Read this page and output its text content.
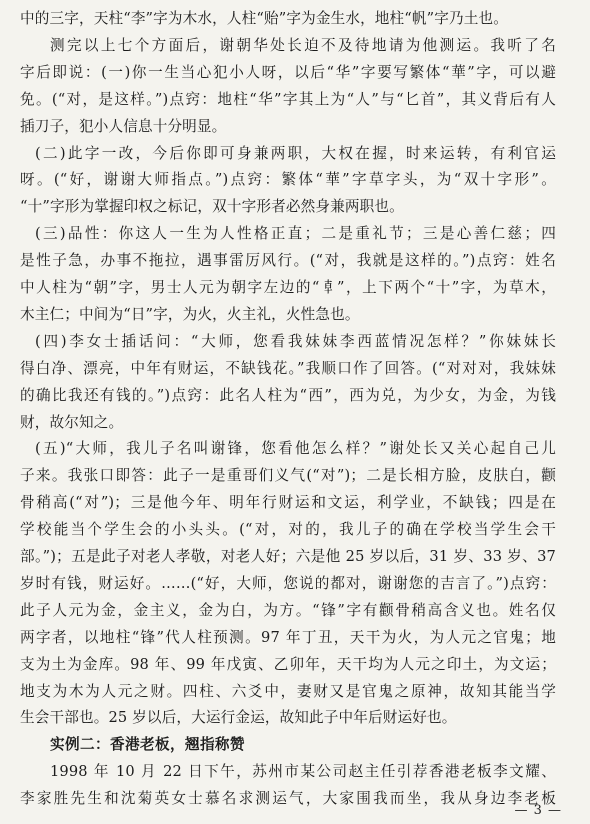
中的三字，天柱“李”字为木水，人柱“贻”字为金生水，地柱“帆”字乃土也。
测完以上七个方面后，谢朝华处长迫不及待地请为他测运。我听了名
字后即说：(一)你一生当心犯小人呀，以后“华”字要写繁体“華”字，可以避
免。(“对，是这样。”)点窍：地柱“华”字其上为“人”与“匕首”，其义背后有人
插刀子，犯小人信息十分明显。
(二)此字一改，今后你即可身兼两职，大权在握，时来运转，有利官运
呀。(“好，谢谢大师指点。”)点窍：繁体“華”字草字头，为“双十字形”。
“十”字形为掌握印权之标记，双十字形者必然身兼两职也。
(三)品性：你这人一生为人性格正直；二是重礼节；三是心善仁慈；四
是性子急，办事不拖拉，遇事雷厉风行。(“对，我就是这样的。”)点窍：姓名
中人柱为“朝”字，男士人元为朝字左边的“𠦝”，上下两个“十”字，为草木，
木主仁；中间为“日”字，为火，火主礼，火性急也。
(四)李女士插话问：“大师，您看我妹妹李西蓝情况怎样？”你妹妹长
得白净、漂亮，中年有财运，不缺钱花。”我顺口作了回答。(“对对对，我妹妹
的确比我还有钱的。”)点窍：此名人柱为“西”，西为兑，为少女，为金，为钱
财，故尔知之。
(五)“大师，我儿子名叫谢锋，您看他怎么样？”谢处长又关心起自己儿
子来。我张口即答：此子一是重哥们义气(“对”)；二是长相方脸，皮肤白，颧
骨稍高(“对”)；三是他今年、明年行财运和文运，利学业，不缺钱；四是在
学校能当个学生会的小头头。(“对，对的，我儿子的确在学校当学生会干
部。”)；五是此子对老人孝敬，对老人好；六是他 25 岁以后，31 岁、33 岁、37
岁时有钱，财运好。……(“好，大师，您说的都对，谢谢您的吉言了。”)点窍：
此子人元为金，金主义，金为白，为方。“锋”字有颧骨稍高含义也。姓名仅
两字者，以地柱“锋”代人柱预测。97 年丁丑，天干为火，为人元之官鬼；地
支为土为金库。98 年、99 年戊寅、乙卯年，天干均为人元之印土，为文运；
地支为木为人元之财。四柱、六爻中，妻财又是官鬼之原神，故知其能当学
生会干部也。25 岁以后，大运行金运，故知此子中年后财运好也。
实例二：香港老板，翘指称赞
1998 年 10 月 22 日下午，苏州市某公司赵主任引荐香港老板李文耀、
李家胜先生和沈菊英女士慕名求测运气，大家围我而坐，我从身边李老板
— 3 —
